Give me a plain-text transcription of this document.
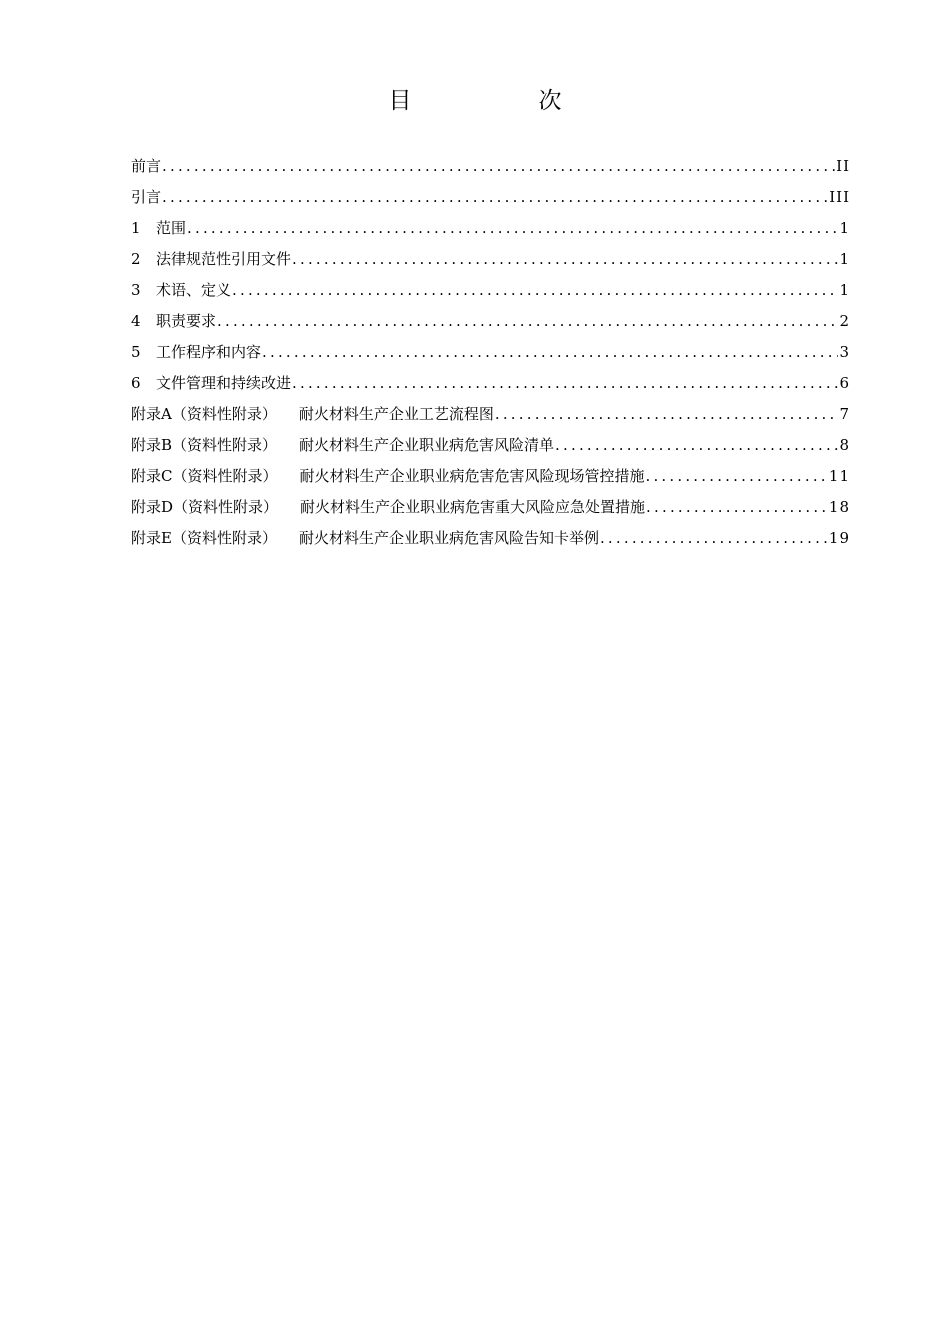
目　次
前言 .....	II
引言 .....	III
1 范围 .....	1
2 法律规范性引用文件 .....	1
3 术语、定义 .....	1
4 职责要求 .....	2
5 工作程序和内容 .....	3
6 文件管理和持续改进 .....	6
附录A（资料性附录） 耐火材料生产企业工艺流程图 .....	7
附录B（资料性附录） 耐火材料生产企业职业病危害风险清单 .....	8
附录C（资料性附录） 耐火材料生产企业职业病危害危害风险现场管控措施 .....	11
附录D（资料性附录） 耐火材料生产企业职业病危害重大风险应急处置措施 .....	18
附录E（资料性附录） 耐火材料生产企业职业病危害风险告知卡举例 .....	19
